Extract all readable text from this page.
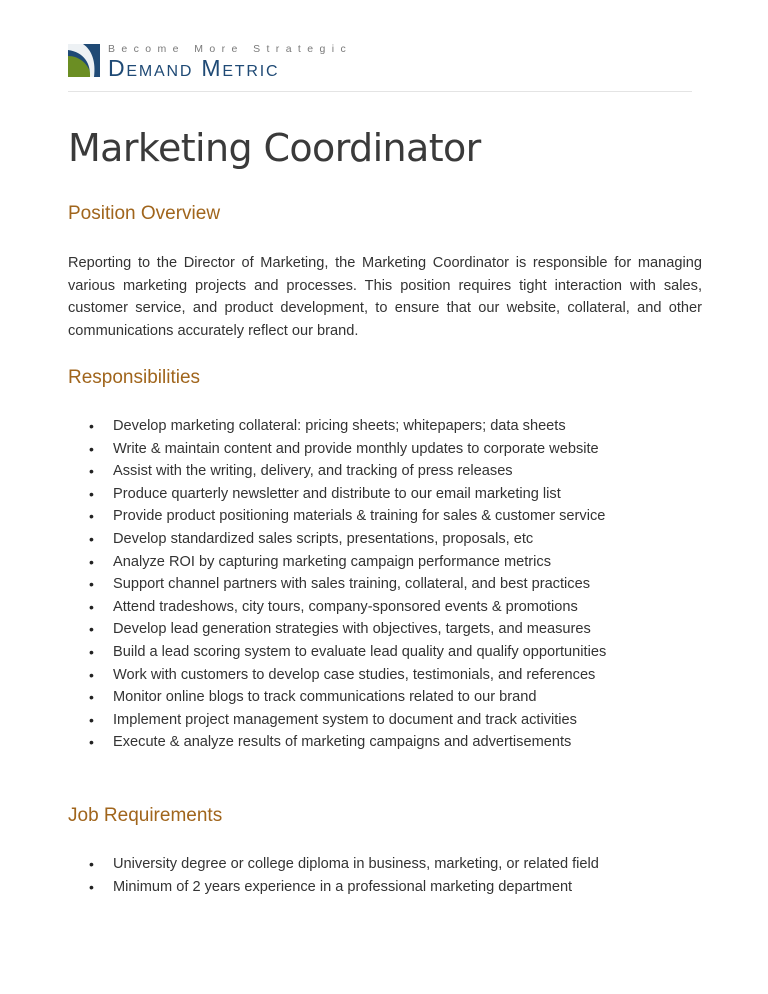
Become More Strategic
Demand Metric
Marketing Coordinator
Position Overview

Reporting to the Director of Marketing, the Marketing Coordinator is responsible for managing various marketing projects and processes. This position requires tight interaction with sales, customer service, and product development, to ensure that our website, collateral, and other communications accurately reflect our brand.

Responsibilities
• Develop marketing collateral: pricing sheets; whitepapers; data sheets
• Write & maintain content and provide monthly updates to corporate website
• Assist with the writing, delivery, and tracking of press releases
• Produce quarterly newsletter and distribute to our email marketing list
• Provide product positioning materials & training for sales & customer service
• Develop standardized sales scripts, presentations, proposals, etc
• Analyze ROI by capturing marketing campaign performance metrics
• Support channel partners with sales training, collateral, and best practices
• Attend tradeshows, city tours, company-sponsored events & promotions
• Develop lead generation strategies with objectives, targets, and measures
• Build a lead scoring system to evaluate lead quality and qualify opportunities
• Work with customers to develop case studies, testimonials, and references
• Monitor online blogs to track communications related to our brand
• Implement project management system to document and track activities
• Execute & analyze results of marketing campaigns and advertisements
Job Requirements
• University degree or college diploma in business, marketing, or related field
• Minimum of 2 years experience in a professional marketing department
